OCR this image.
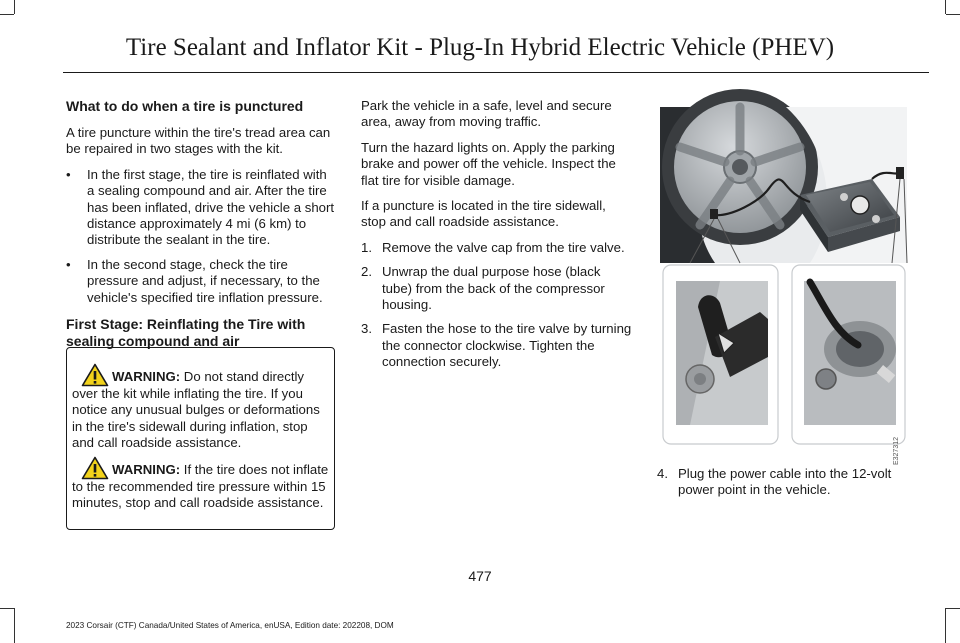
Tire Sealant and Inflator Kit - Plug-In Hybrid Electric Vehicle (PHEV)
What to do when a tire is punctured

A tire puncture within the tire's tread area can be repaired in two stages with the kit.

• In the first stage, the tire is reinflated with a sealing compound and air. After the tire has been inflated, drive the vehicle a short distance approximately 4 mi (6 km) to distribute the sealant in the tire.
• In the second stage, check the tire pressure and adjust, if necessary, to the vehicle's specified tire inflation pressure.
First Stage: Reinflating the Tire with sealing compound and air
WARNING: Do not stand directly over the kit while inflating the tire. If you notice any unusual bulges or deformations in the tire's sidewall during inflation, stop and call roadside assistance.
WARNING: If the tire does not inflate to the recommended tire pressure within 15 minutes, stop and call roadside assistance.

Park the vehicle in a safe, level and secure area, away from moving traffic.

Turn the hazard lights on. Apply the parking brake and power off the vehicle. Inspect the flat tire for visible damage.

If a puncture is located in the tire sidewall, stop and call roadside assistance.

1. Remove the valve cap from the tire valve.
2. Unwrap the dual purpose hose (black tube) from the back of the compressor housing.
3. Fasten the hose to the tire valve by turning the connector clockwise. Tighten the connection securely.
E327312
4. Plug the power cable into the 12-volt power point in the vehicle.
477
2023 Corsair (CTF) Canada/United States of America, enUSA, Edition date: 202208, DOM
